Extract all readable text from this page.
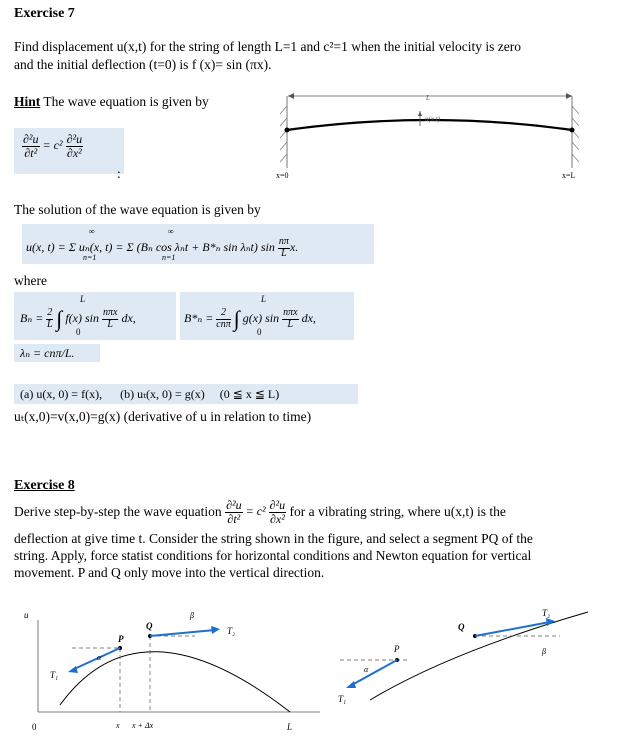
Exercise 7
Find displacement u(x,t) for the string of length L=1 and c²=1 when the initial velocity is zero
and the initial deflection (t=0) is f (x)= sin (πx).
Hint The wave equation is given by
$\frac{\text{∂²u}}{\text{∂t²}} = c^2 \frac{\text{∂²u}}{\text{∂x²}}$
:
L
u(x,t)
x=0	x=L
The solution of the wave equation is given by
u(x, t) = Σ uₙ(x, t) = Σ (Bₙ cos λₙt + B*ₙ sin λₙt) $\sin \frac{n\pi}{L} x$.
∞
n=1
∞
n=1
where
$B_n = \frac{2}{L}$ ∫ f(x) $\sin \frac{\text{nπx}}{L}$ dx,
L
0
$B*_n = \frac{2}{\text{cnπ}}$ ∫ g(x) $\sin \frac{\text{nπx}}{L}$ dx,
L
0
λₙ = cnπ/L.
(a) u(x, 0) = f(x), (b) uₜ(x, 0) = g(x) (0 ≦ x ≦ L)
uₜ(x,0)=v(x,0)=g(x) (derivative of u in relation to time)
Exercise 8
Derive step-by-step the wave equation
$\frac{\text{∂²u}}{\text{∂t²}} = c^2 \frac{\text{∂²u}}{\text{∂x²}}$
for a vibrating string, where u(x,t) is the
deflection at give time t. Consider the string shown in the figure, and select a segment PQ of the
string. Apply, force statist conditions for horizontal conditions and Newton equation for vertical
movement. P and Q only move into the vertical direction.
u
0	L
P
Q
T₁
T₂
α
β
x x + Δx
P
Q
T₁
T₂
α
β
